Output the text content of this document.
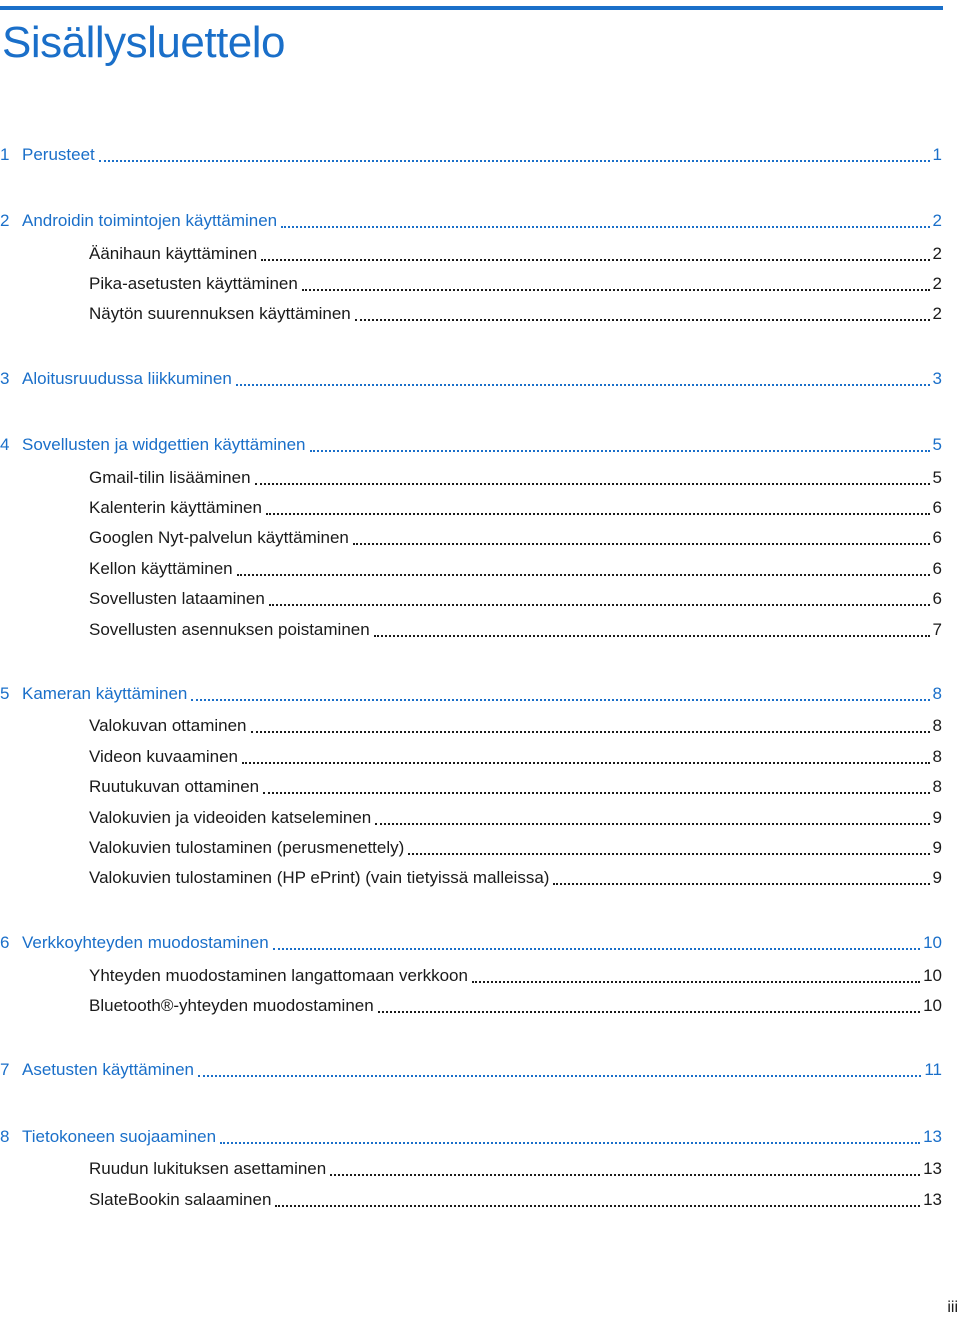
Sisällysluettelo
1 Perusteet	1
2 Androidin toimintojen käyttäminen	2
Äänihaun käyttäminen	2
Pika-asetusten käyttäminen	2
Näytön suurennuksen käyttäminen	2
3 Aloitusruudussa liikkuminen	3
4 Sovellusten ja widgettien käyttäminen	5
Gmail-tilin lisääminen	5
Kalenterin käyttäminen	6
Googlen Nyt-palvelun käyttäminen	6
Kellon käyttäminen	6
Sovellusten lataaminen	6
Sovellusten asennuksen poistaminen	7
5 Kameran käyttäminen	8
Valokuvan ottaminen	8
Videon kuvaaminen	8
Ruutukuvan ottaminen	8
Valokuvien ja videoiden katseleminen	9
Valokuvien tulostaminen (perusmenettely)	9
Valokuvien tulostaminen (HP ePrint) (vain tietyissä malleissa)	9
6 Verkkoyhteyden muodostaminen	10
Yhteyden muodostaminen langattomaan verkkoon	10
Bluetooth®-yhteyden muodostaminen	10
7 Asetusten käyttäminen	11
8 Tietokoneen suojaaminen	13
Ruudun lukituksen asettaminen	13
SlateBookin salaaminen	13
iii
